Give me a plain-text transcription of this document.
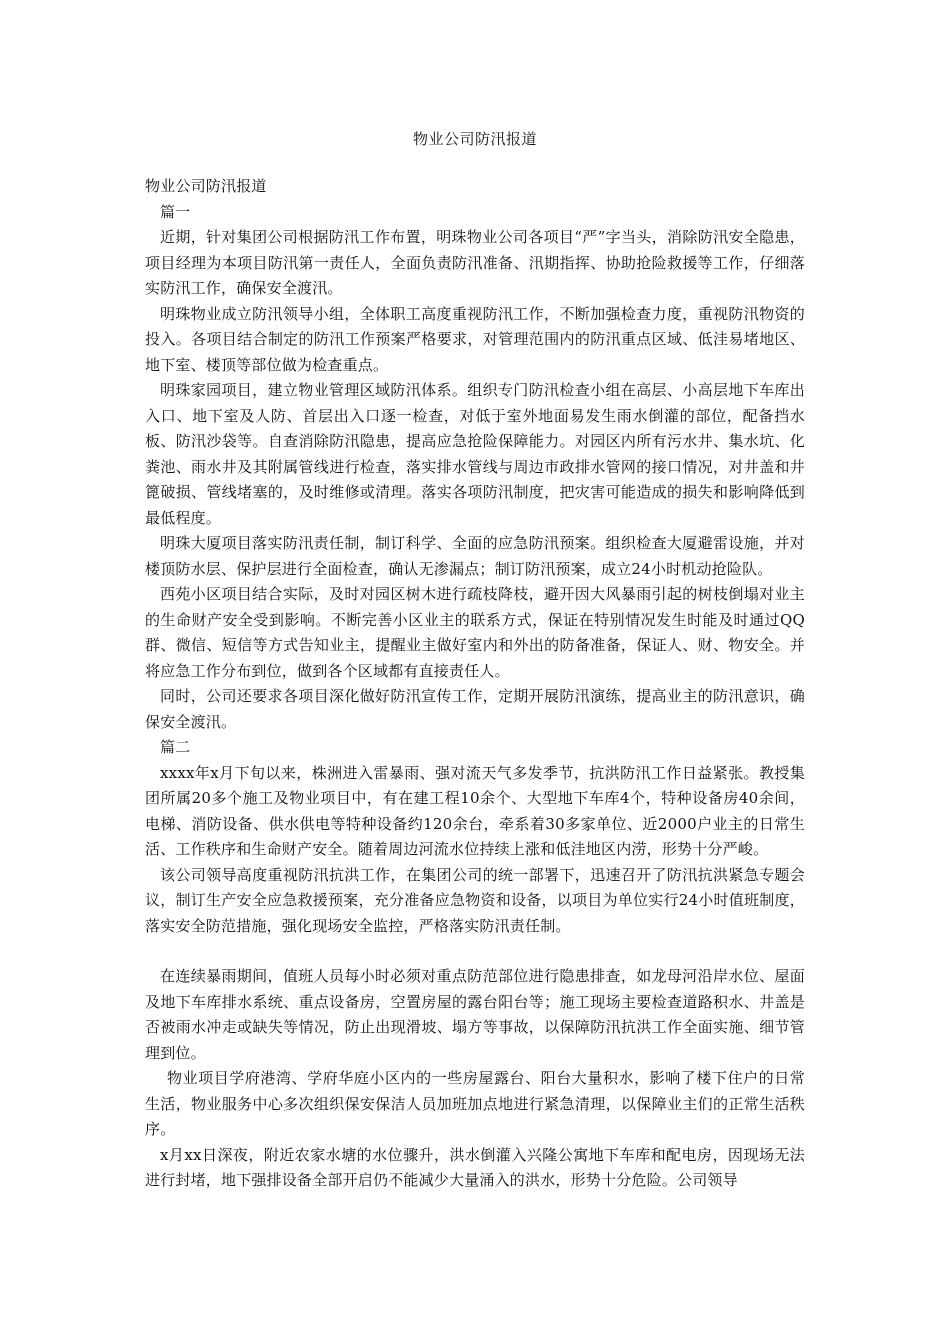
物业公司防汛报道

物业公司防汛报道

篇一

近期，针对集团公司根据防汛工作布置，明珠物业公司各项目“严”字当头，消除防汛安全隐患，项目经理为本项目防汛第一责任人，全面负责防汛准备、汛期指挥、协助抢险救援等工作，仔细落实防汛工作，确保安全渡汛。

明珠物业成立防汛领导小组，全体职工高度重视防汛工作，不断加强检查力度，重视防汛物资的投入。各项目结合制定的防汛工作预案严格要求，对管理范围内的防汛重点区域、低洼易堵地区、地下室、楼顶等部位做为检查重点。

明珠家园项目，建立物业管理区域防汛体系。组织专门防汛检查小组在高层、小高层地下车库出入口、地下室及人防、首层出入口逐一检查，对低于室外地面易发生雨水倒灌的部位，配备挡水板、防汛沙袋等。自查消除防汛隐患，提高应急抢险保障能力。对园区内所有污水井、集水坑、化粪池、雨水井及其附属管线进行检查，落实排水管线与周边市政排水管网的接口情况，对井盖和井篦破损、管线堵塞的，及时维修或清理。落实各项防汛制度，把灾害可能造成的损失和影响降低到最低程度。

明珠大厦项目落实防汛责任制，制订科学、全面的应急防汛预案。组织检查大厦避雷设施，并对楼顶防水层、保护层进行全面检查，确认无渗漏点；制订防汛预案，成立24小时机动抢险队。

西苑小区项目结合实际，及时对园区树木进行疏枝降枝，避开因大风暴雨引起的树枝倒塌对业主的生命财产安全受到影响。不断完善小区业主的联系方式，保证在特别情况发生时能及时通过QQ群、微信、短信等方式告知业主，提醒业主做好室内和外出的防备准备，保证人、财、物安全。并将应急工作分布到位，做到各个区域都有直接责任人。

同时，公司还要求各项目深化做好防汛宣传工作，定期开展防汛演练，提高业主的防汛意识，确保安全渡汛。

篇二

xxxx年x月下旬以来，株洲进入雷暴雨、强对流天气多发季节，抗洪防汛工作日益紧张。教授集团所属20多个施工及物业项目中，有在建工程10余个、大型地下车库4个，特种设备房40余间，电梯、消防设备、供水供电等特种设备约120余台，牵系着30多家单位、近2000户业主的日常生活、工作秩序和生命财产安全。随着周边河流水位持续上涨和低洼地区内涝，形势十分严峻。

该公司领导高度重视防汛抗洪工作，在集团公司的统一部署下，迅速召开了防汛抗洪紧急专题会议，制订生产安全应急救援预案，充分准备应急物资和设备，以项目为单位实行24小时值班制度，落实安全防范措施，强化现场安全监控，严格落实防汛责任制。

在连续暴雨期间，值班人员每小时必须对重点防范部位进行隐患排查，如龙母河沿岸水位、屋面及地下车库排水系统、重点设备房，空置房屋的露台阳台等；施工现场主要检查道路积水、井盖是否被雨水冲走或缺失等情况，防止出现滑坡、塌方等事故，以保障防汛抗洪工作全面实施、细节管理到位。

物业项目学府港湾、学府华庭小区内的一些房屋露台、阳台大量积水，影响了楼下住户的日常生活，物业服务中心多次组织保安保洁人员加班加点地进行紧急清理，以保障业主们的正常生活秩序。

x月xx日深夜，附近农家水塘的水位骤升，洪水倒灌入兴隆公寓地下车库和配电房，因现场无法进行封堵，地下强排设备全部开启仍不能减少大量涌入的洪水，形势十分危险。公司领导
